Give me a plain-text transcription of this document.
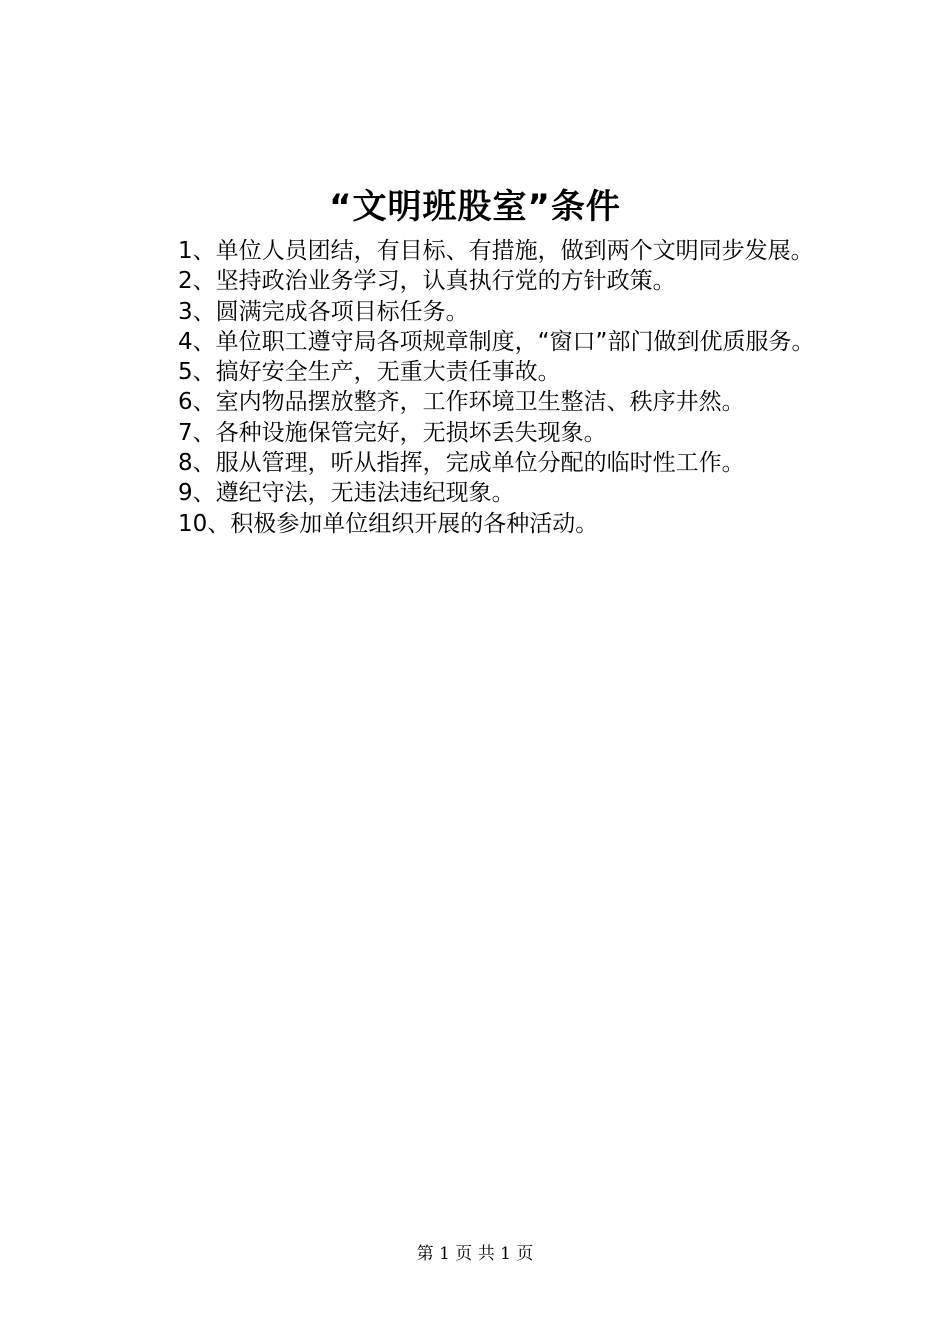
“文明班股室”条件

1、单位人员团结，有目标、有措施，做到两个文明同步发展。

2、坚持政治业务学习，认真执行党的方针政策。

3、圆满完成各项目标任务。

4、单位职工遵守局各项规章制度，“窗口”部门做到优质服务。

5、搞好安全生产，无重大责任事故。

6、室内物品摆放整齐，工作环境卫生整洁、秩序井然。

7、各种设施保管完好，无损坏丢失现象。

8、服从管理，听从指挥，完成单位分配的临时性工作。

9、遵纪守法，无违法违纪现象。

10、积极参加单位组织开展的各种活动。

第 1 页 共 1 页
